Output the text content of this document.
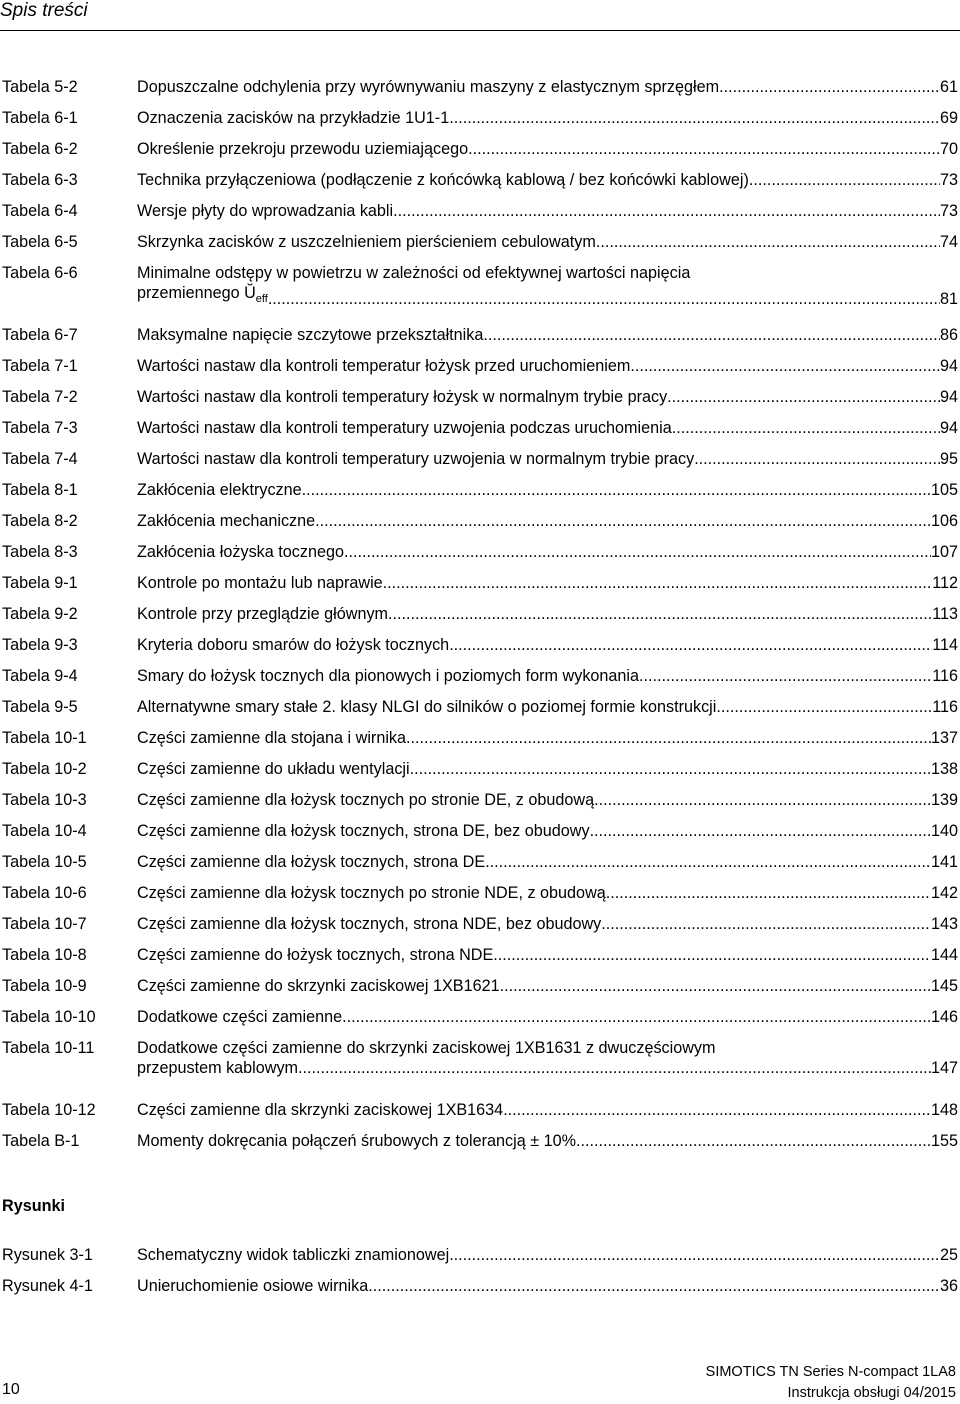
Spis treści
Tabela 5-2	Dopuszczalne odchylenia przy wyrównywaniu maszyny z elastycznym sprzęgłem .....	61
Tabela 6-1	Oznaczenia zacisków na przykładzie 1U1-1 .....	69
Tabela 6-2	Określenie przekroju przewodu uziemiającego .....	70
Tabela 6-3	Technika przyłączeniowa (podłączenie z końcówką kablową / bez końcówki kablowej) .....	73
Tabela 6-4	Wersje płyty do wprowadzania kabli .....	73
Tabela 6-5	Skrzynka zacisków z uszczelnieniem pierścieniem cebulowatym .....	74
Tabela 6-6	Minimalne odstępy w powietrzu w zależności od efektywnej wartości napięcia
przemiennego $Ŭ_{eff}$ .....	81
Tabela 6-7	Maksymalne napięcie szczytowe przekształtnika .....	86
Tabela 7-1	Wartości nastaw dla kontroli temperatur łożysk przed uruchomieniem .....	94
Tabela 7-2	Wartości nastaw dla kontroli temperatury łożysk w normalnym trybie pracy .....	94
Tabela 7-3	Wartości nastaw dla kontroli temperatury uzwojenia podczas uruchomienia .....	94
Tabela 7-4	Wartości nastaw dla kontroli temperatury uzwojenia w normalnym trybie pracy .....	95
Tabela 8-1	Zakłócenia elektryczne .....	105
Tabela 8-2	Zakłócenia mechaniczne .....	106
Tabela 8-3	Zakłócenia łożyska tocznego .....	107
Tabela 9-1	Kontrole po montażu lub naprawie .....	112
Tabela 9-2	Kontrole przy przeglądzie głównym .....	113
Tabela 9-3	Kryteria doboru smarów do łożysk tocznych .....	114
Tabela 9-4	Smary do łożysk tocznych dla pionowych i poziomych form wykonania .....	116
Tabela 9-5	Alternatywne smary stałe 2. klasy NLGI do silników o poziomej formie konstrukcji .....	116
Tabela 10-1	Części zamienne dla stojana i wirnika .....	137
Tabela 10-2	Części zamienne do układu wentylacji .....	138
Tabela 10-3	Części zamienne dla łożysk tocznych po stronie DE, z obudową .....	139
Tabela 10-4	Części zamienne dla łożysk tocznych, strona DE, bez obudowy .....	140
Tabela 10-5	Części zamienne dla łożysk tocznych, strona DE .....	141
Tabela 10-6	Części zamienne dla łożysk tocznych po stronie NDE, z obudową .....	142
Tabela 10-7	Części zamienne dla łożysk tocznych, strona NDE, bez obudowy .....	143
Tabela 10-8	Części zamienne do łożysk tocznych, strona NDE .....	144
Tabela 10-9	Części zamienne do skrzynki zaciskowej 1XB1621 .....	145
Tabela 10-10	Dodatkowe części zamienne .....	146
Tabela 10-11	Dodatkowe części zamienne do skrzynki zaciskowej 1XB1631 z dwuczęściowym
przepustem kablowym .....	147
Tabela 10-12	Części zamienne dla skrzynki zaciskowej 1XB1634 .....	148
Tabela B-1	Momenty dokręcania połączeń śrubowych z tolerancją ± 10% .....	155
Rysunki
Rysunek 3-1	Schematyczny widok tabliczki znamionowej .....	25
Rysunek 4-1	Unieruchomienie osiowe wirnika .....	36
10
SIMOTICS TN Series N-compact 1LA8
Instrukcja obsługi 04/2015
